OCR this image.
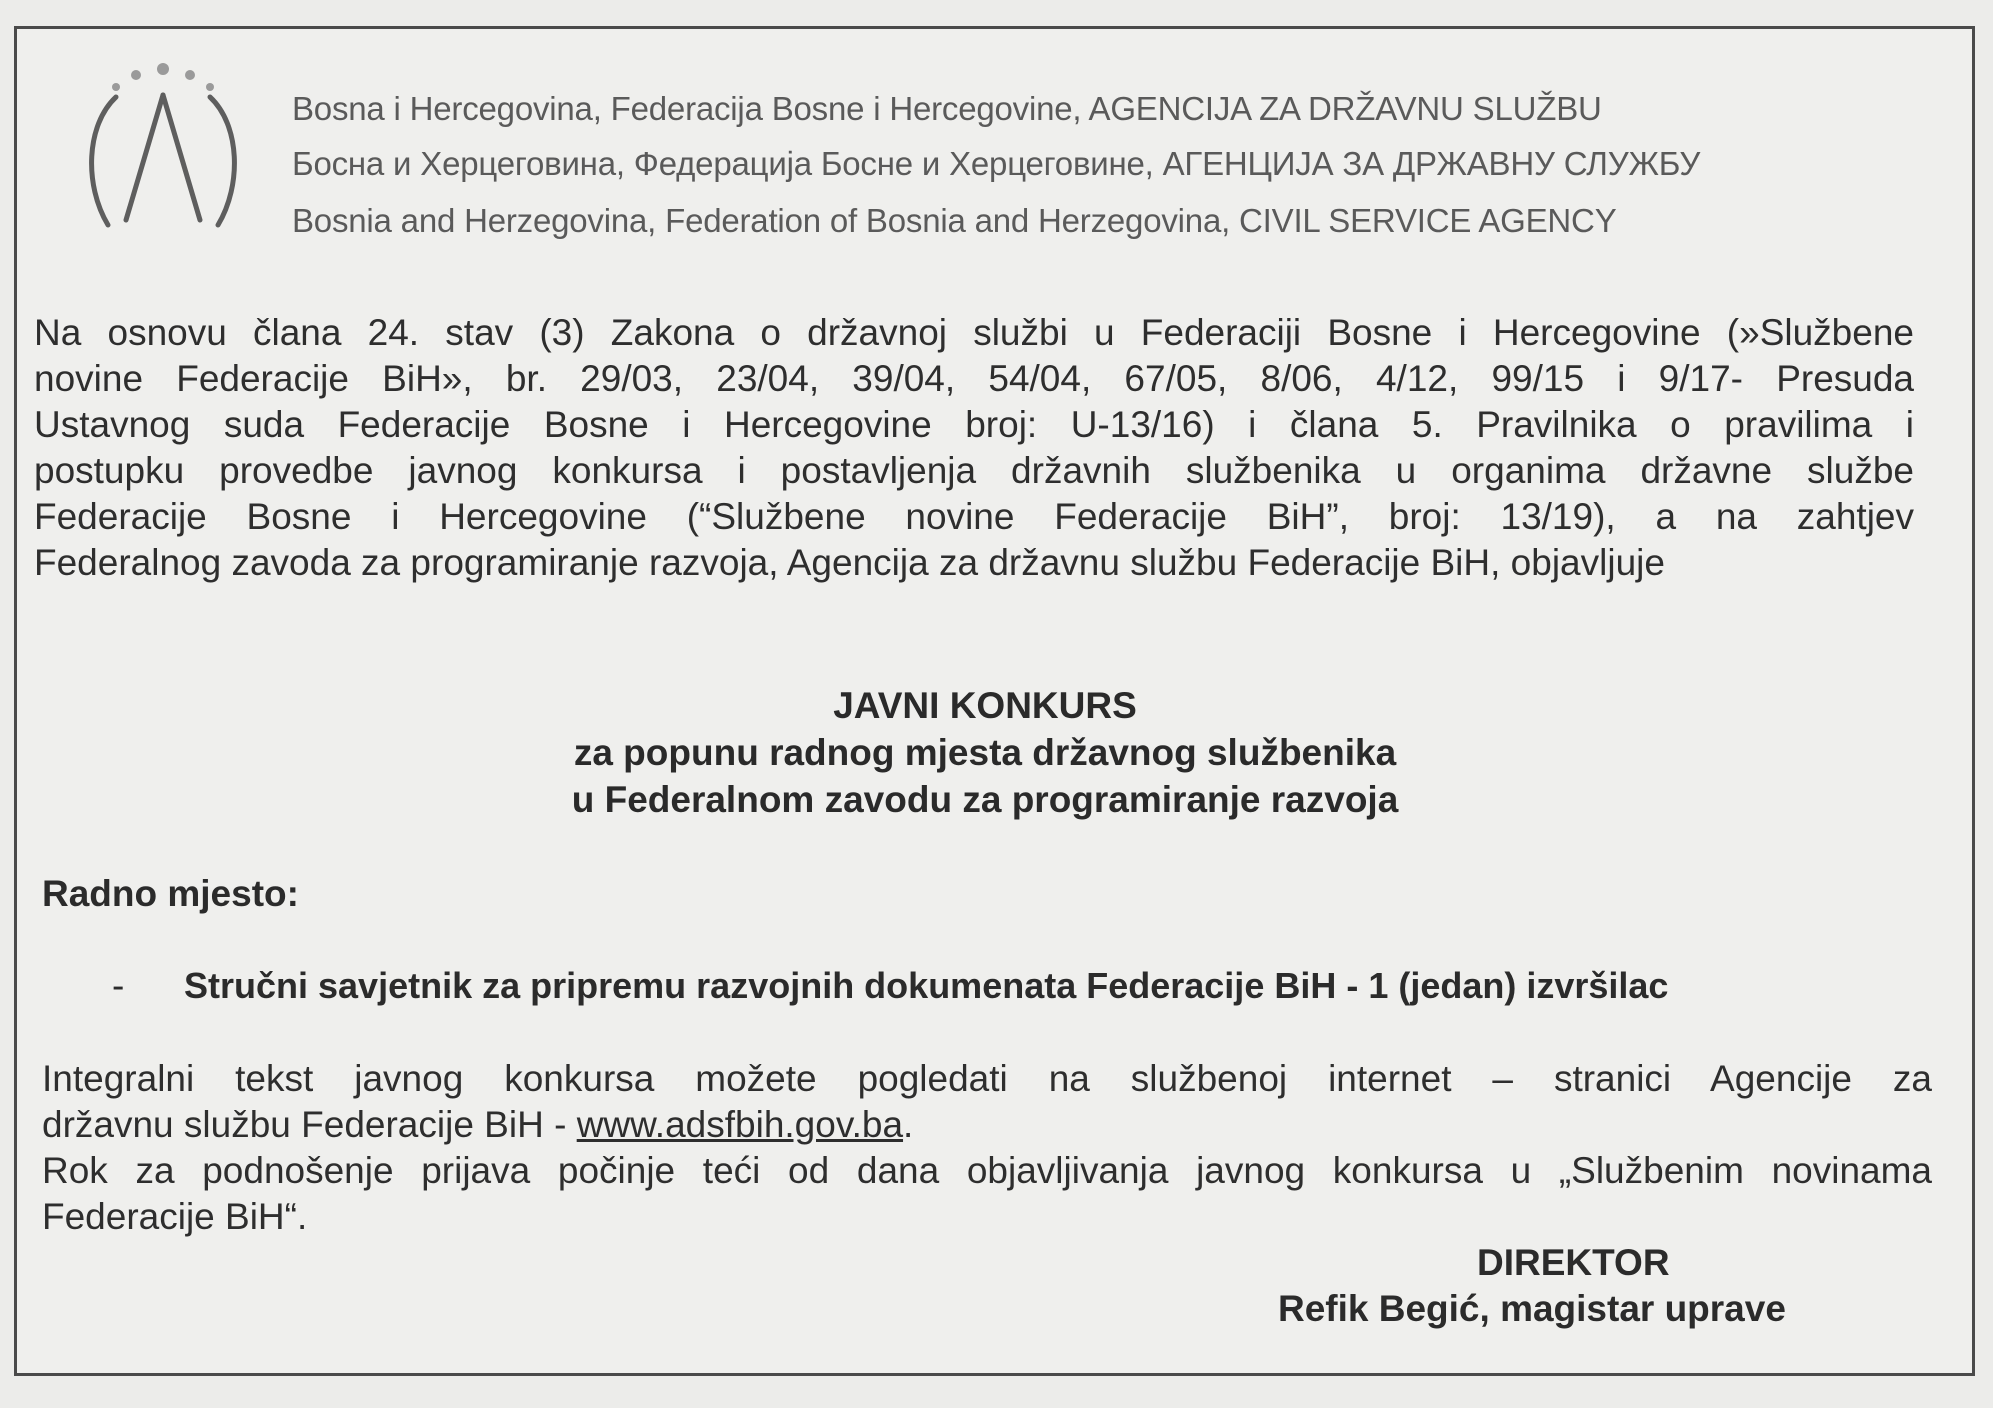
Bosna i Hercegovina, Federacija Bosne i Hercegovine, AGENCIJA ZA DRŽAVNU SLUŽBU
Босна и Херцеговина, Федерација Босне и Херцеговине, АГЕНЦИЈА ЗА ДРЖАВНУ СЛУЖБУ
Bosnia and Herzegovina, Federation of Bosnia and Herzegovina, CIVIL SERVICE AGENCY
Na osnovu člana 24. stav (3) Zakona o državnoj službi u Federaciji Bosne i Hercegovine (»Službene
novine Federacije BiH», br. 29/03, 23/04, 39/04, 54/04, 67/05, 8/06, 4/12, 99/15 i 9/17- Presuda
Ustavnog suda Federacije Bosne i Hercegovine broj: U-13/16) i člana 5. Pravilnika o pravilima i
postupku provedbe javnog konkursa i postavljenja državnih službenika u organima državne službe
Federacije Bosne i Hercegovine (“Službene novine Federacije BiH”, broj: 13/19), a na zahtjev
Federalnog zavoda za programiranje razvoja, Agencija za državnu službu Federacije BiH, objavljuje
JAVNI KONKURS
za popunu radnog mjesta državnog službenika
u Federalnom zavodu za programiranje razvoja
Radno mjesto:
- Stručni savjetnik za pripremu razvojnih dokumenata Federacije BiH - 1 (jedan) izvršilac
Integralni tekst javnog konkursa možete pogledati na službenoj internet – stranici Agencije za
državnu službu Federacije BiH - www.adsfbih.gov.ba.
Rok za podnošenje prijava počinje teći od dana objavljivanja javnog konkursa u „Službenim novinama
Federacije BiH“.
DIREKTOR
Refik Begić, magistar uprave
